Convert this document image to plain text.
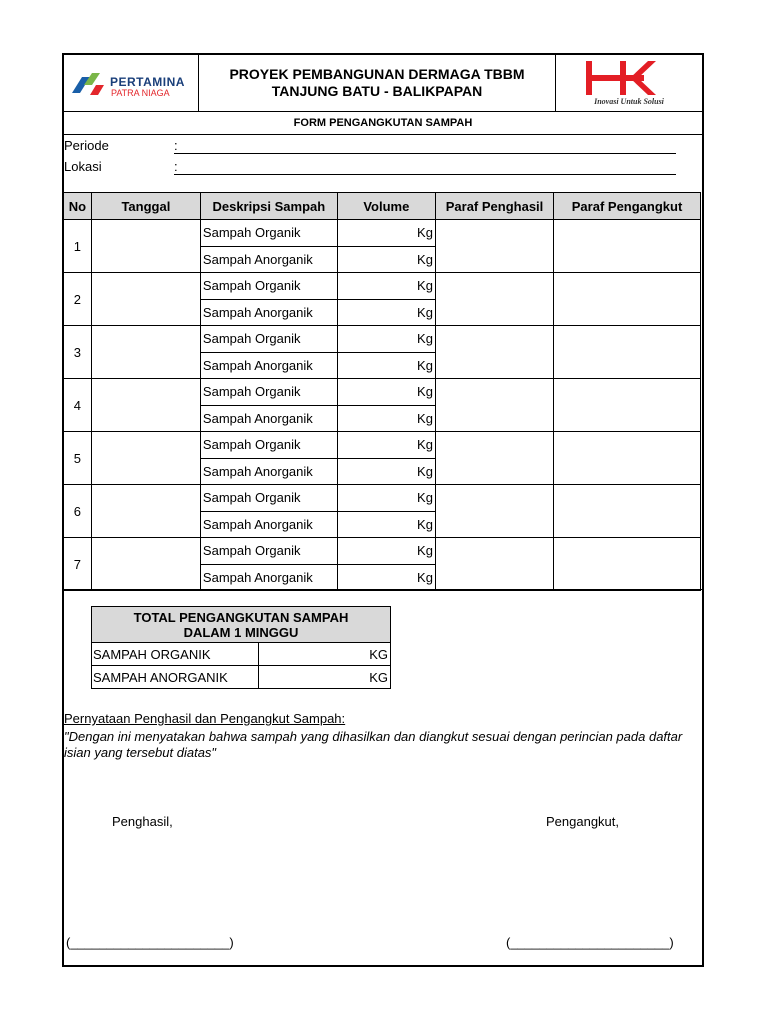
PERTAMINA
PATRA NIAGA
PROYEK PEMBANGUNAN DERMAGA TBBM
TANJUNG BATU - BALIKPAPAN
Inovasi Untuk Solusi
FORM PENGANGKUTAN SAMPAH
Periode	:
Lokasi	:
No	Tanggal	Deskripsi Sampah	Volume	Paraf Penghasil	Paraf Pengangkut
1		Sampah Organik	Kg		
		Sampah Anorganik	Kg		
2		Sampah Organik	Kg		
		Sampah Anorganik	Kg		
3		Sampah Organik	Kg		
		Sampah Anorganik	Kg		
4		Sampah Organik	Kg		
		Sampah Anorganik	Kg		
5		Sampah Organik	Kg		
		Sampah Anorganik	Kg		
6		Sampah Organik	Kg		
		Sampah Anorganik	Kg		
7		Sampah Organik	Kg		
		Sampah Anorganik	Kg		
TOTAL PENGANGKUTAN SAMPAH
DALAM 1 MINGGU	

SAMPAH ORGANIK	KG
SAMPAH ANORGANIK	KG
Pernyataan Penghasil dan Pengangkut Sampah:
"Dengan ini menyatakan bahwa sampah yang dihasilkan dan diangkut sesuai dengan perincian pada daftar isian yang tersebut diatas"
Penghasil,	Pengangkut,
(______________________)	(______________________)
